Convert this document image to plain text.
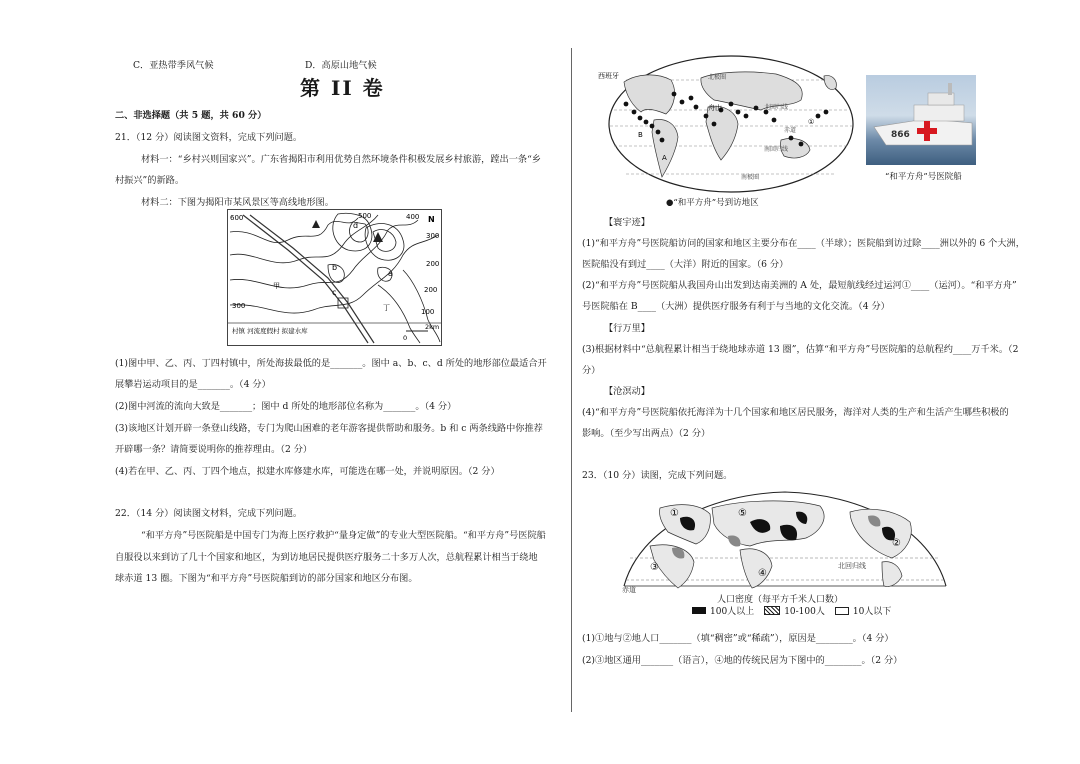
C．亚热带季风气候	D．高原山地气候
第 II 卷
二、非选择题（共 5 题，共 60 分）
21．（12 分）阅读图文资料，完成下列问题。
材料一：“乡村兴则国家兴”。广东省揭阳市利用优势自然环境条件积极发展乡村旅游，蹚出一条“乡
村振兴”的新路。
材料二：下图为揭阳市某风景区等高线地形图。
600	500	400
300
200
200
100
300
b
c
d
a
甲
丁
N
村镇 河流度假村 拟建水库
0
2km
(1)图中甲、乙、丙、丁四村镇中，所处海拔最低的是_______。图中 a、b、c、d 所处的地形部位最适合开
展攀岩运动项目的是_______。（4 分）
(2)图中河流的流向大致是_______；图中 d 所处的地形部位名称为_______。（4 分）
(3)该地区计划开辟一条登山线路，专门为爬山困难的老年游客提供帮助和服务。b 和 c 两条线路中你推荐
开辟哪一条？请简要说明你的推荐理由。（2 分）
(4)若在甲、乙、丙、丁四个地点，拟建水库修建水库，可能选在哪一处，并说明原因。（2 分）
22．（14 分）阅读图文材料，完成下列问题。
“和平方舟”号医院船是中国专门为海上医疗救护“量身定做”的专业大型医院船。“和平方舟”号医院船
自服役以来到访了几十个国家和地区，为到访地居民提供医疗服务二十多万人次，总航程累计相当于绕地
球赤道 13 圈。下图为“和平方舟”号医院船到访的部分国家和地区分布图。
西班牙	北极圈
北回归线
赤道
南回归线
南极圈
舟山
A
B
①
●“和平方舟”号到访地区
866
“和平方舟”号医院船
【寰宇迹】
(1)“和平方舟”号医院船访问的国家和地区主要分布在____（半球）；医院船到访过除____洲以外的 6 个大洲，
医院船没有到过____（大洋）附近的国家。（6 分）
(2)“和平方舟”号医院船从我国舟山出发到达南美洲的 A 处，最短航线经过运河①____（运河）。“和平方舟”
号医院船在 B____（大洲）提供医疗服务有利于与当地的文化交流。（4 分）
【行万里】
(3)根据材料中“总航程累计相当于绕地球赤道 13 圈”，估算“和平方舟”号医院船的总航程约____万千米。（2
分）
【沧溟动】
(4)“和平方舟”号医院船依托海洋为十几个国家和地区居民服务，海洋对人类的生产和生活产生哪些积极的
影响。（至少写出两点）（2 分）
23．（10 分）读图，完成下列问题。
①
②
③
④
⑤
北回归线
赤道
人口密度（每平方千米人口数）
100人以上	10-100人	10人以下
(1)①地与②地人口_______（填“稠密”或“稀疏”），原因是________。（4 分）
(2)③地区通用_______（语言），④地的传统民居为下图中的________。（2 分）
